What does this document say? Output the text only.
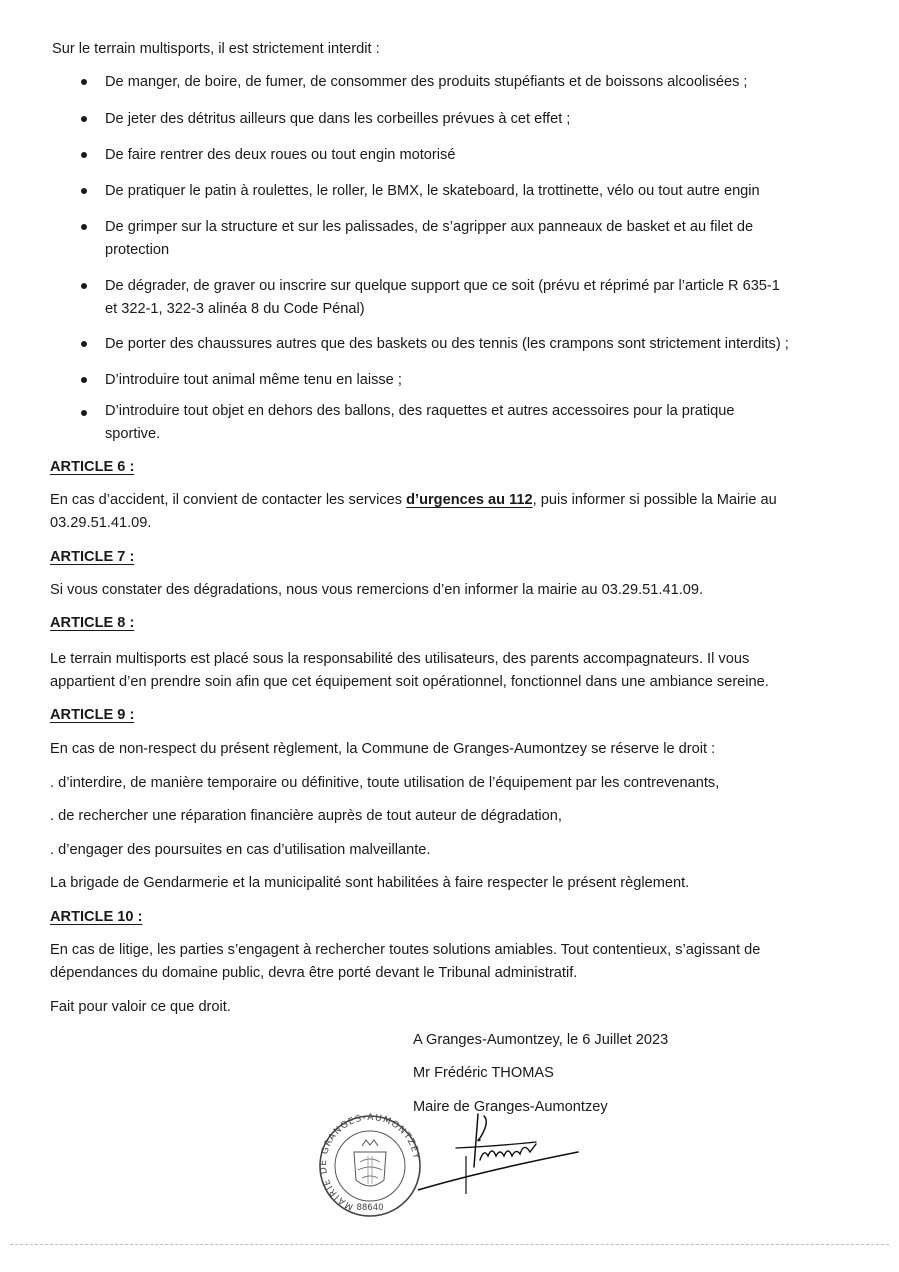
Sur le terrain multisports, il est strictement interdit :
De manger, de boire, de fumer, de consommer des produits stupéfiants et de boissons alcoolisées ;
De jeter des détritus ailleurs que dans les corbeilles prévues à cet effet ;
De faire rentrer des deux roues ou tout engin motorisé
De pratiquer le patin à roulettes, le roller, le BMX, le skateboard, la trottinette, vélo ou tout autre engin
De grimper sur la structure et sur les palissades, de s’agripper aux panneaux de basket et au filet de
protection
De dégrader, de graver ou inscrire sur quelque support que ce soit (prévu et réprimé par l’article R 635-1
et 322-1, 322-3 alinéa 8 du Code Pénal)
De porter des chaussures autres que des baskets ou des tennis (les crampons sont strictement interdits) ;
D’introduire tout animal même tenu en laisse ;
D’introduire tout objet en dehors des ballons, des raquettes et autres accessoires pour la pratique
sportive.
ARTICLE 6 :
En cas d’accident, il convient de contacter les services d’urgences au 112, puis informer si possible la Mairie au
03.29.51.41.09.
ARTICLE 7 :
Si vous constater des dégradations, nous vous remercions d’en informer la mairie au 03.29.51.41.09.
ARTICLE 8 :
Le terrain multisports est placé sous la responsabilité des utilisateurs, des parents accompagnateurs. Il vous
appartient d’en prendre soin afin que cet équipement soit opérationnel, fonctionnel dans une ambiance sereine.
ARTICLE 9 :
En cas de non-respect du présent règlement, la Commune de Granges-Aumontzey se réserve le droit :
. d’interdire, de manière temporaire ou définitive, toute utilisation de l’équipement par les contrevenants,
. de rechercher une réparation financière auprès de tout auteur de dégradation,
. d’engager des poursuites en cas d’utilisation malveillante.
La brigade de Gendarmerie et la municipalité sont habilitées à faire respecter le présent règlement.
ARTICLE 10 :
En cas de litige, les parties s’engagent à rechercher toutes solutions amiables. Tout contentieux, s’agissant de
dépendances du domaine public, devra être porté devant le Tribunal administratif.
Fait pour valoir ce que droit.
A Granges-Aumontzey, le 6 Juillet 2023
Mr Frédéric THOMAS
Maire de Granges-Aumontzey
MAIRIE DE GRANGES-AUMONTZEY
88640
